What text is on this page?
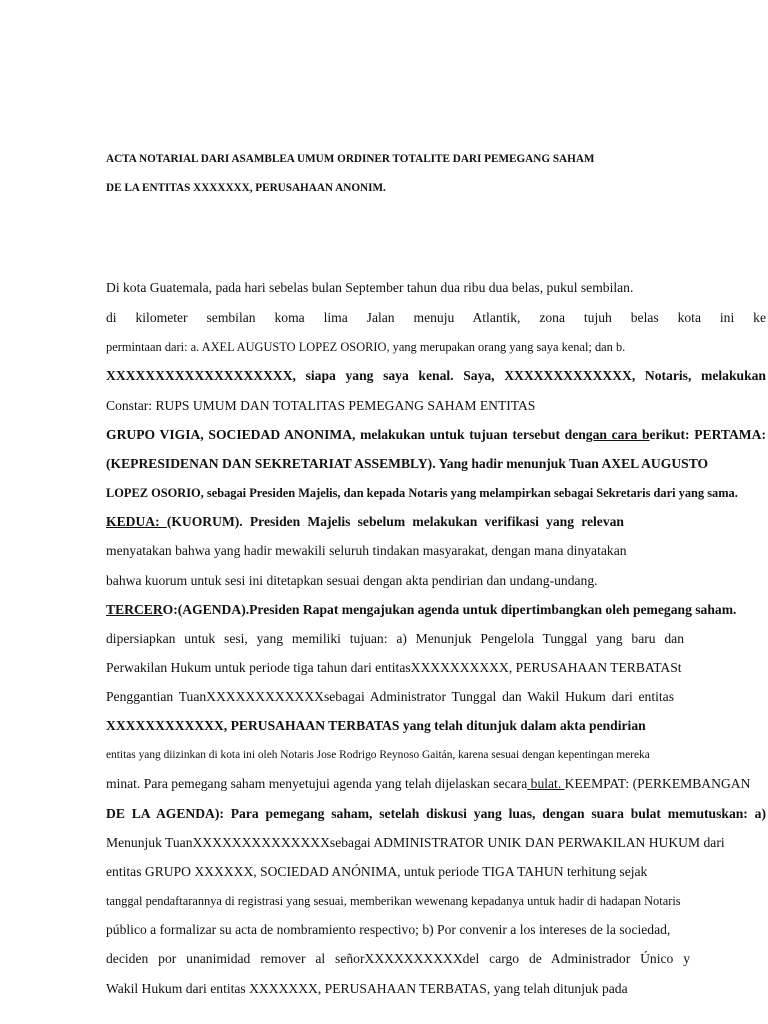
ACTA NOTARIAL DARI ASAMBLEA UMUM ORDINER TOTALITE DARI PEMEGANG SAHAM
DE LA ENTITAS XXXXXXX, PERUSAHAAN ANONIM.
Di kota Guatemala, pada hari sebelas bulan September tahun dua ribu dua belas, pukul sembilan.
di kilometer sembilan koma lima Jalan menuju Atlantik, zona tujuh belas kota ini ke
permintaan dari: a. AXEL AUGUSTO LOPEZ OSORIO, yang merupakan orang yang saya kenal; dan b.
XXXXXXXXXXXXXXXXXXX, siapa yang saya kenal. Saya, XXXXXXXXXXXXX, Notaris, melakukan
Constar: RUPS UMUM DAN TOTALITAS PEMEGANG SAHAM ENTITAS
GRUPO VIGIA, SOCIEDAD ANONIMA, melakukan untuk tujuan tersebut dengan cara berikut: PERTAMA:
(KEPRESIDENAN DAN SEKRETARIAT ASSEMBLY). Yang hadir menunjuk Tuan AXEL AUGUSTO
LOPEZ OSORIO, sebagai Presiden Majelis, dan kepada Notaris yang melampirkan sebagai Sekretaris dari yang sama.
KEDUA: (KUORUM). Presiden Majelis sebelum melakukan verifikasi yang relevan
menyatakan bahwa yang hadir mewakili seluruh tindakan masyarakat, dengan mana dinyatakan
bahwa kuorum untuk sesi ini ditetapkan sesuai dengan akta pendirian dan undang-undang.
TERCERO:(AGENDA).Presiden Rapat mengajukan agenda untuk dipertimbangkan oleh pemegang saham.
dipersiapkan untuk sesi, yang memiliki tujuan: a) Menunjuk Pengelola Tunggal yang baru dan
Perwakilan Hukum untuk periode tiga tahun dari entitasXXXXXXXXXX, PERUSAHAAN TERBATASt
Penggantian TuanXXXXXXXXXXXXsebagai Administrator Tunggal dan Wakil Hukum dari entitas
XXXXXXXXXXXX, PERUSAHAAN TERBATAS yang telah ditunjuk dalam akta pendirian
entitas yang diizinkan di kota ini oleh Notaris Jose Rodrigo Reynoso Gaitán, karena sesuai dengan kepentingan mereka
minat. Para pemegang saham menyetujui agenda yang telah dijelaskan secara bulat. KEEMPAT: (PERKEMBANGAN
DE LA AGENDA): Para pemegang saham, setelah diskusi yang luas, dengan suara bulat memutuskan: a)
Menunjuk TuanXXXXXXXXXXXXXXsebagai ADMINISTRATOR UNIK DAN PERWAKILAN HUKUM dari
entitas GRUPO XXXXXX, SOCIEDAD ANÓNIMA, untuk periode TIGA TAHUN terhitung sejak
tanggal pendaftarannya di registrasi yang sesuai, memberikan wewenang kepadanya untuk hadir di hadapan Notaris
público a formalizar su acta de nombramiento respectivo; b) Por convenir a los intereses de la sociedad,
deciden por unanimidad remover al señorXXXXXXXXXXdel cargo de Administrador Único y
Wakil Hukum dari entitas XXXXXXX, PERUSAHAAN TERBATAS, yang telah ditunjuk pada
